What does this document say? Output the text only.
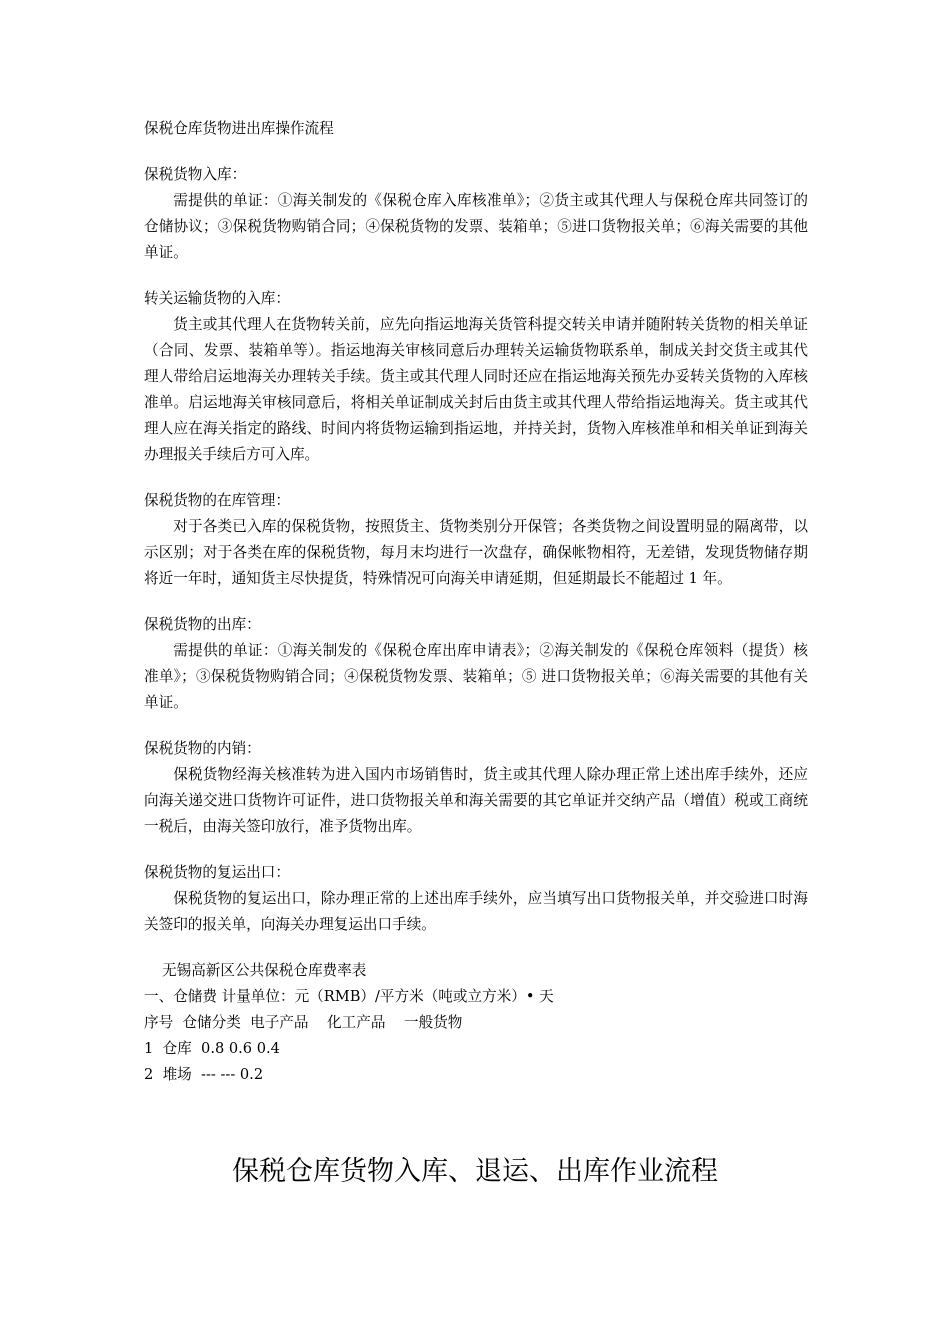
保税仓库货物进出库操作流程

保税货物入库：

需提供的单证：①海关制发的《保税仓库入库核准单》；②货主或其代理人与保税仓库共同签订的仓储协议；③保税货物购销合同；④保税货物的发票、装箱单；⑤进口货物报关单；⑥海关需要的其他单证。

转关运输货物的入库：

货主或其代理人在货物转关前，应先向指运地海关货管科提交转关申请并随附转关货物的相关单证（合同、发票、装箱单等）。指运地海关审核同意后办理转关运输货物联系单，制成关封交货主或其代理人带给启运地海关办理转关手续。货主或其代理人同时还应在指运地海关预先办妥转关货物的入库核准单。启运地海关审核同意后，将相关单证制成关封后由货主或其代理人带给指运地海关。货主或其代理人应在海关指定的路线、时间内将货物运输到指运地，并持关封，货物入库核准单和相关单证到海关办理报关手续后方可入库。

保税货物的在库管理：

对于各类已入库的保税货物，按照货主、货物类别分开保管；各类货物之间设置明显的隔离带，以示区别；对于各类在库的保税货物，每月末均进行一次盘存，确保帐物相符，无差错，发现货物储存期将近一年时，通知货主尽快提货，特殊情况可向海关申请延期，但延期最长不能超过 1 年。

保税货物的出库：

需提供的单证：①海关制发的《保税仓库出库申请表》；②海关制发的《保税仓库领料（提货）核准单》；③保税货物购销合同；④保税货物发票、装箱单；⑤ 进口货物报关单；⑥海关需要的其他有关单证。

保税货物的内销：

保税货物经海关核准转为进入国内市场销售时，货主或其代理人除办理正常上述出库手续外，还应向海关递交进口货物许可证件，进口货物报关单和海关需要的其它单证并交纳产品（增值）税或工商统一税后，由海关签印放行，准予货物出库。

保税货物的复运出口：

保税货物的复运出口，除办理正常的上述出库手续外，应当填写出口货物报关单，并交验进口时海关签印的报关单，向海关办理复运出口手续。

无锡高新区公共保税仓库费率表
一、仓储费 计量单位：元（RMB）/平方米（吨或立方米）• 天
序号  仓储分类  电子产品    化工产品    一般货物
1  仓库  0.8 0.6 0.4
2  堆场  --- --- 0.2
保税仓库货物入库、退运、出库作业流程
